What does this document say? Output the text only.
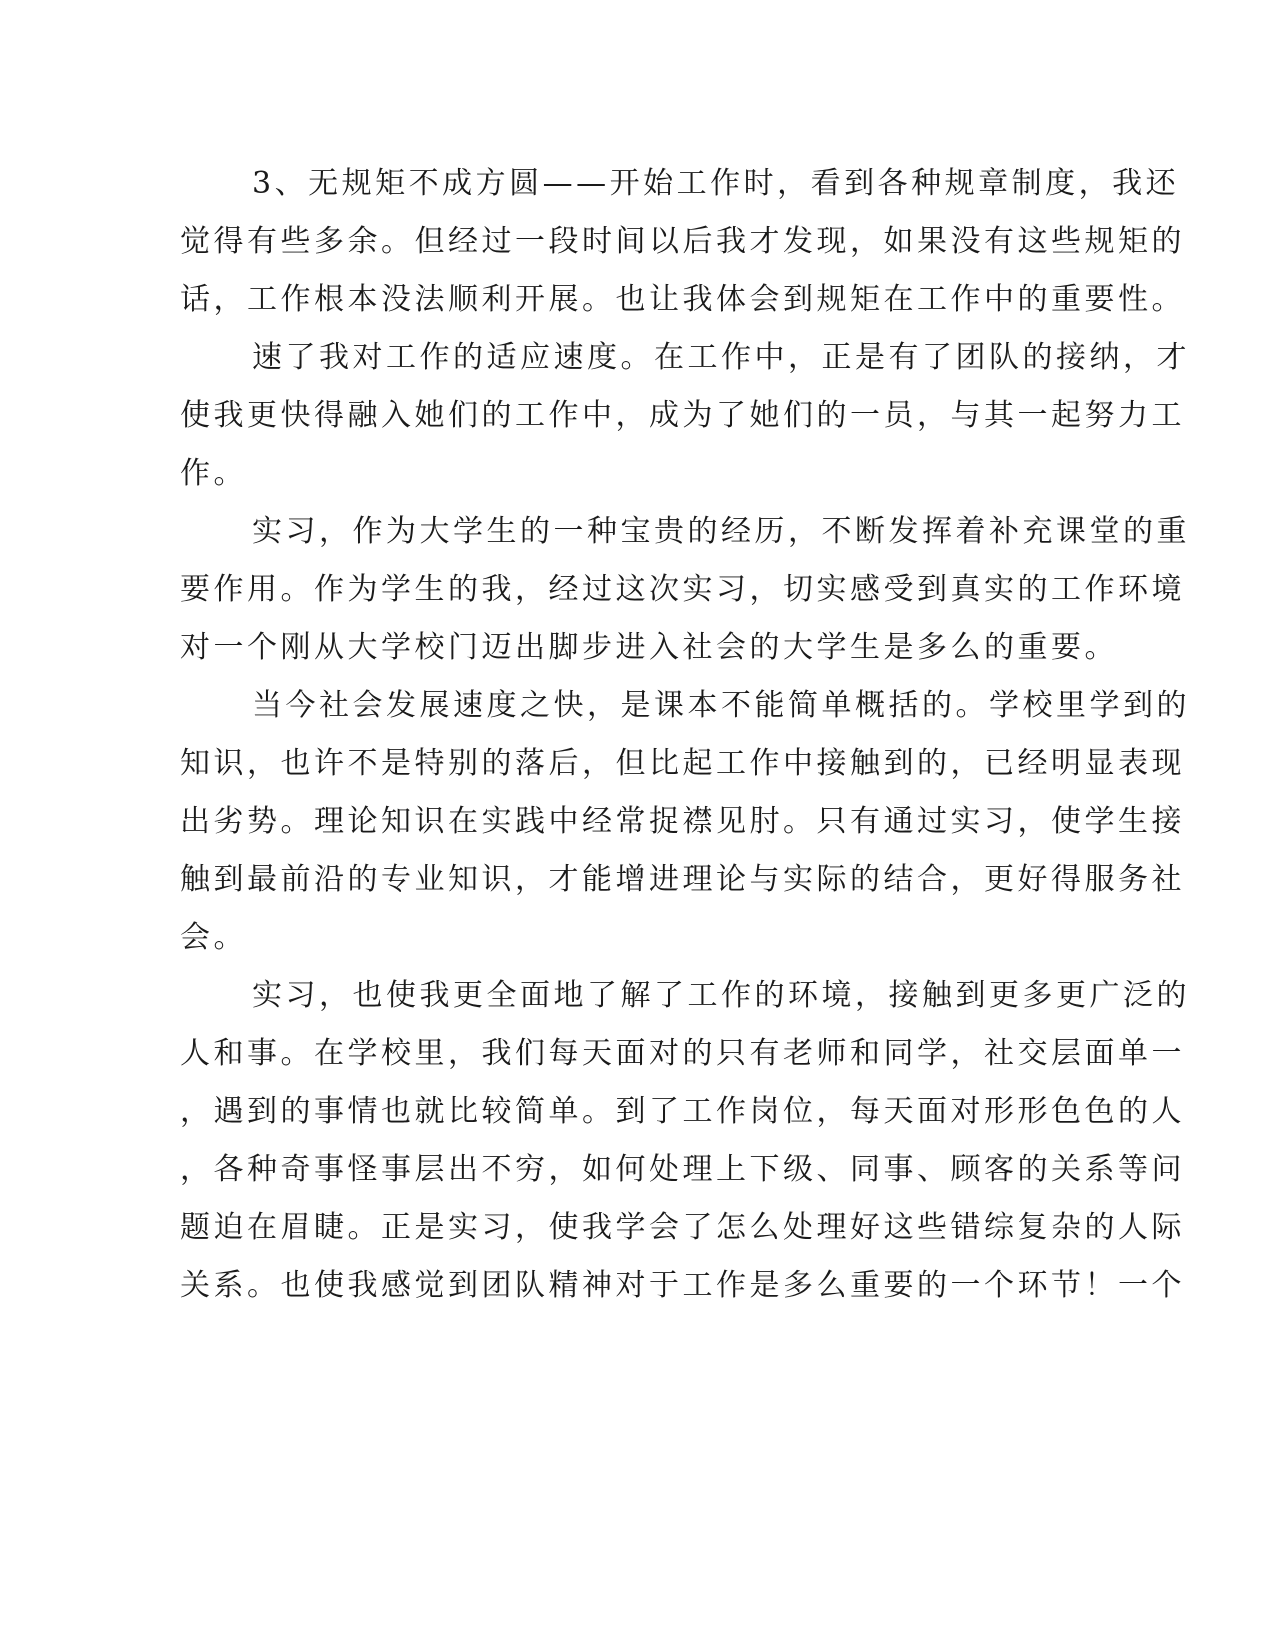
3、无规矩不成方圆——开始工作时，看到各种规章制度，我还
觉得有些多余。但经过一段时间以后我才发现，如果没有这些规矩的
话，工作根本没法顺利开展。也让我体会到规矩在工作中的重要性。
速了我对工作的适应速度。在工作中，正是有了团队的接纳，才
使我更快得融入她们的工作中，成为了她们的一员，与其一起努力工
作。
实习，作为大学生的一种宝贵的经历，不断发挥着补充课堂的重
要作用。作为学生的我，经过这次实习，切实感受到真实的工作环境
对一个刚从大学校门迈出脚步进入社会的大学生是多么的重要。
当今社会发展速度之快，是课本不能简单概括的。学校里学到的
知识，也许不是特别的落后，但比起工作中接触到的，已经明显表现
出劣势。理论知识在实践中经常捉襟见肘。只有通过实习，使学生接
触到最前沿的专业知识，才能增进理论与实际的结合，更好得服务社
会。
实习，也使我更全面地了解了工作的环境，接触到更多更广泛的
人和事。在学校里，我们每天面对的只有老师和同学，社交层面单一
，遇到的事情也就比较简单。到了工作岗位，每天面对形形色色的人
，各种奇事怪事层出不穷，如何处理上下级、同事、顾客的关系等问
题迫在眉睫。正是实习，使我学会了怎么处理好这些错综复杂的人际
关系。也使我感觉到团队精神对于工作是多么重要的一个环节！一个
